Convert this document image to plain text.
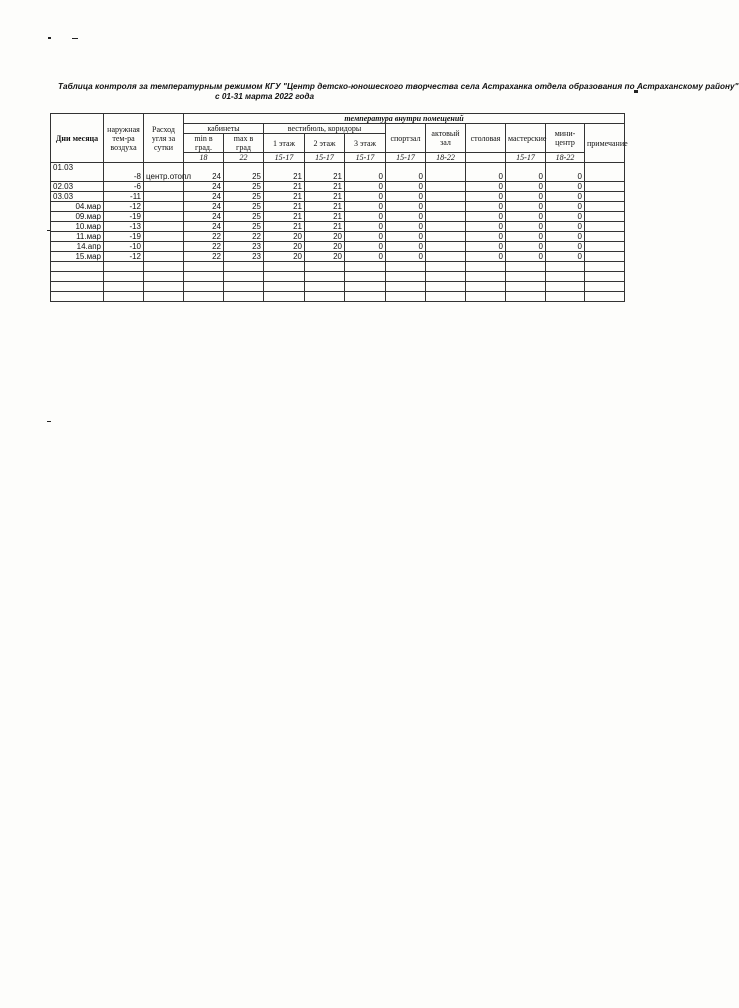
Таблица контроля за температурным режимом КГУ "Центр детско-юношеского творчества села Астраханка отдела образования по Астраханскому району"
с 01-31 марта 2022 года
Дни месяца	наружная тем-ра воздуха	Расход угля за сутки	температура внутри помещений										
			кабинеты		вестибюль, коридоры			спортзал	актовый зал	столовая	мастерские	мини-центр	примечание
			min в град.	max в град	1 этаж	2 этаж	3 этаж						
			18	22	15-17	15-17	15-17	15-17	18-22		15-17	18-22	
01.03	-8	центр.отопл	24	25	21	21	0	0		0	0	0	
02.03	-6		24	25	21	21	0	0		0	0	0	
03.03	-11		24	25	21	21	0	0		0	0	0	
04.мар	-12		24	25	21	21	0	0		0	0	0	
09.мар	-19		24	25	21	21	0	0		0	0	0	
10.мар	-13		24	25	21	21	0	0		0	0	0	
11.мар	-19		22	22	20	20	0	0		0	0	0	
14.апр	-10		22	23	20	20	0	0		0	0	0	
15.мар	-12		22	23	20	20	0	0		0	0	0	
